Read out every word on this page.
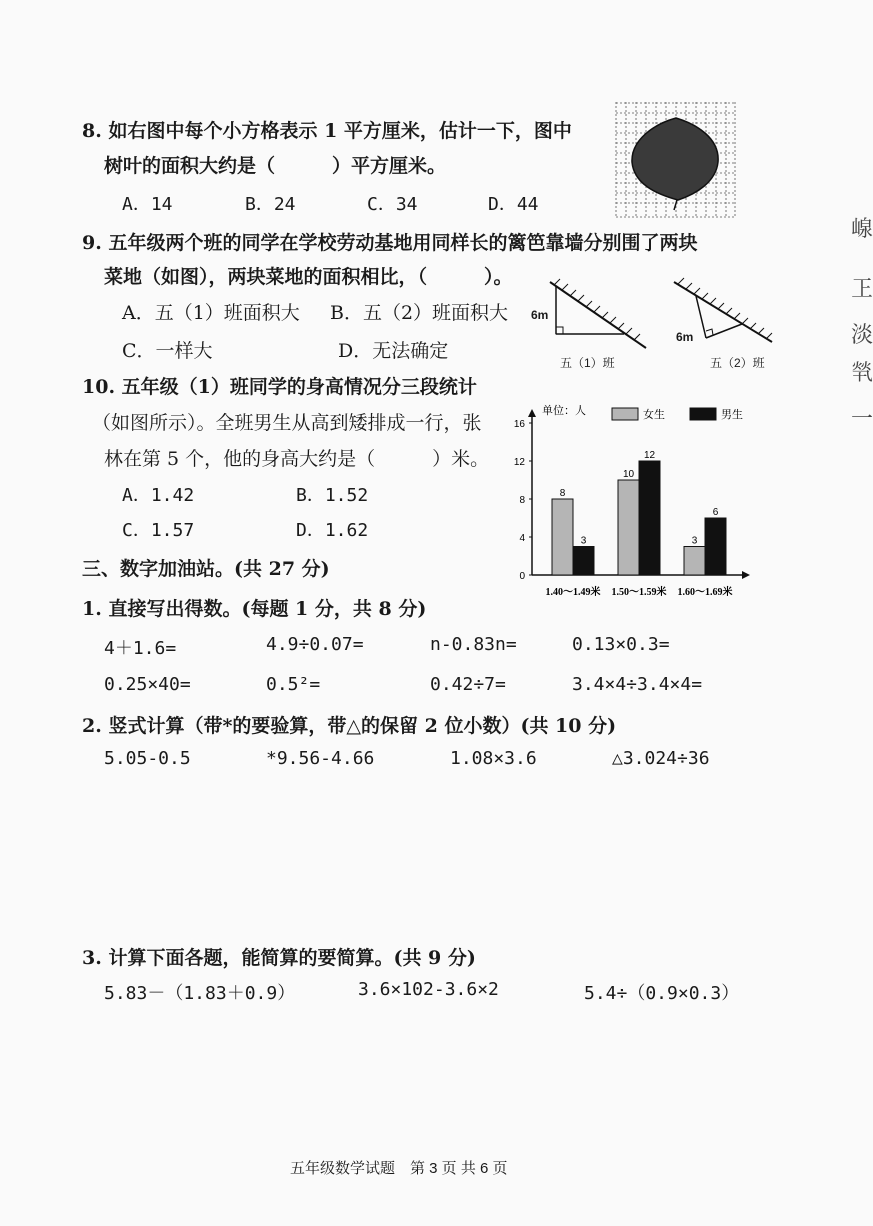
8. 如右图中每个小方格表示 1 平方厘米，估计一下，图中
树叶的面积大约是（　　　）平方厘米。
A．14	B．24	C．34	D．44
9. 五年级两个班的同学在学校劳动基地用同样长的篱笆靠墙分别围了两块
菜地（如图），两块菜地的面积相比，（　　　）。
A．五（1）班面积大 B．五（2）班面积大
C．一样大	D．无法确定
6m
五（1）班
6m
五（2）班
10. 五年级（1）班同学的身高情况分三段统计
（如图所示）。全班男生从高到矮排成一行，张
林在第 5 个，他的身高大约是（　　　）米。
A．1.42	B．1.52
C．1.57	D．1.62
0
4
8
12
16
单位：人	女生	男生
8
3
1.40～1.49米
10
12
1.50～1.59米
3
6
1.60～1.69米
三、数字加油站。(共 27 分)
1. 直接写出得数。(每题 1 分，共 8 分)
4＋1.6=	4.9÷0.07=	n-0.83n=	0.13×0.3=
0.25×40=	0.5²=	0.42÷7=	3.4×4÷3.4×4=
2. 竖式计算（带*的要验算，带△的保留 2 位小数）(共 10 分)
5.05-0.5	*9.56-4.66	1.08×3.6	△3.024÷36
3. 计算下面各题，能简算的要简算。(共 9 分)
5.83－（1.83＋0.9）	3.6×102-3.6×2	5.4÷（0.9×0.3）
五年级数学试题　第 3 页 共 6 页
㟫
㠪
淡
㷀
一
